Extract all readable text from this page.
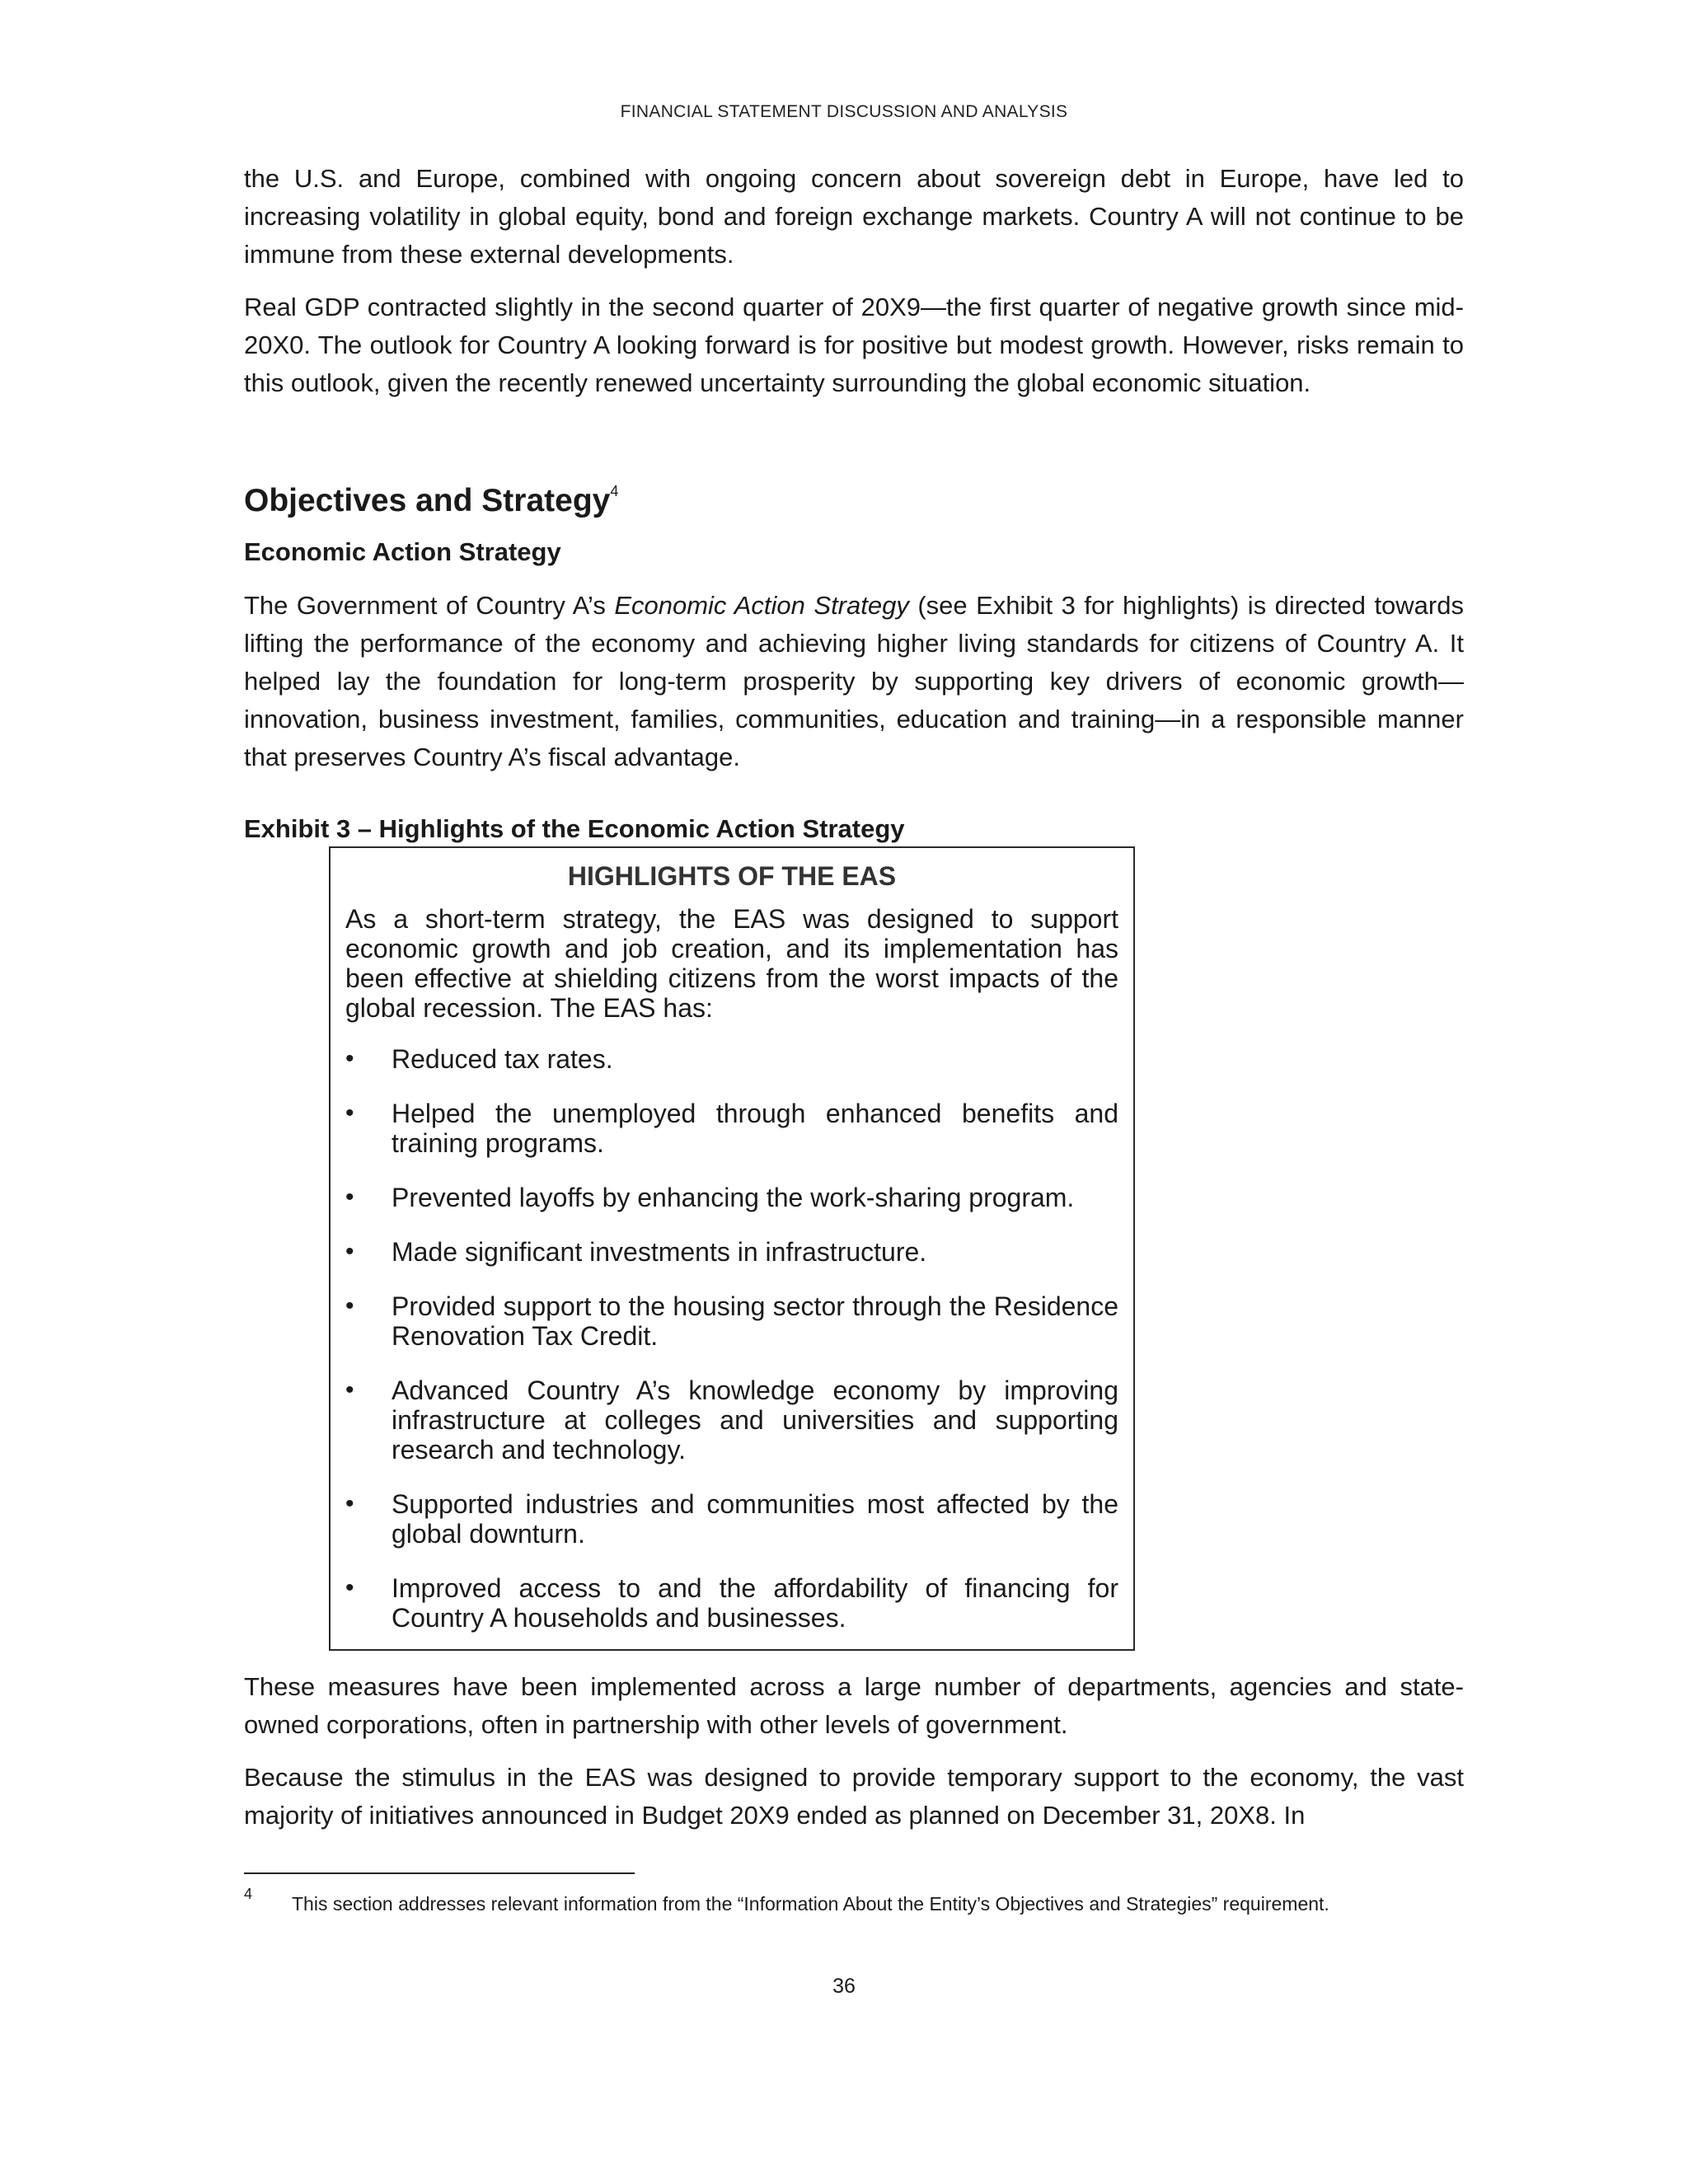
FINANCIAL STATEMENT DISCUSSION AND ANALYSIS

the U.S. and Europe, combined with ongoing concern about sovereign debt in Europe, have led to increasing volatility in global equity, bond and foreign exchange markets. Country A will not continue to be immune from these external developments.

Real GDP contracted slightly in the second quarter of 20X9—the first quarter of negative growth since mid-20X0. The outlook for Country A looking forward is for positive but modest growth. However, risks remain to this outlook, given the recently renewed uncertainty surrounding the global economic situation.

Objectives and Strategy$^4$
Economic Action Strategy

The Government of Country A’s Economic Action Strategy (see Exhibit 3 for highlights) is directed towards lifting the performance of the economy and achieving higher living standards for citizens of Country A. It helped lay the foundation for long-term prosperity by supporting key drivers of economic growth—innovation, business investment, families, communities, education and training—in a responsible manner that preserves Country A’s fiscal advantage.

Exhibit 3 – Highlights of the Economic Action Strategy

HIGHLIGHTS OF THE EAS

As a short-term strategy, the EAS was designed to support economic growth and job creation, and its implementation has been effective at shielding citizens from the worst impacts of the global recession. The EAS has:

• Reduced tax rates.
• Helped the unemployed through enhanced benefits and training programs.
• Prevented layoffs by enhancing the work-sharing program.
• Made significant investments in infrastructure.
• Provided support to the housing sector through the Residence Renovation Tax Credit.
• Advanced Country A’s knowledge economy by improving infrastructure at colleges and universities and supporting research and technology.
• Supported industries and communities most affected by the global downturn.
• Improved access to and the affordability of financing for Country A households and businesses.

These measures have been implemented across a large number of departments, agencies and state-owned corporations, often in partnership with other levels of government.

Because the stimulus in the EAS was designed to provide temporary support to the economy, the vast majority of initiatives announced in Budget 20X9 ended as planned on December 31, 20X8. In

4 This section addresses relevant information from the “Information About the Entity’s Objectives and Strategies” requirement.

36
